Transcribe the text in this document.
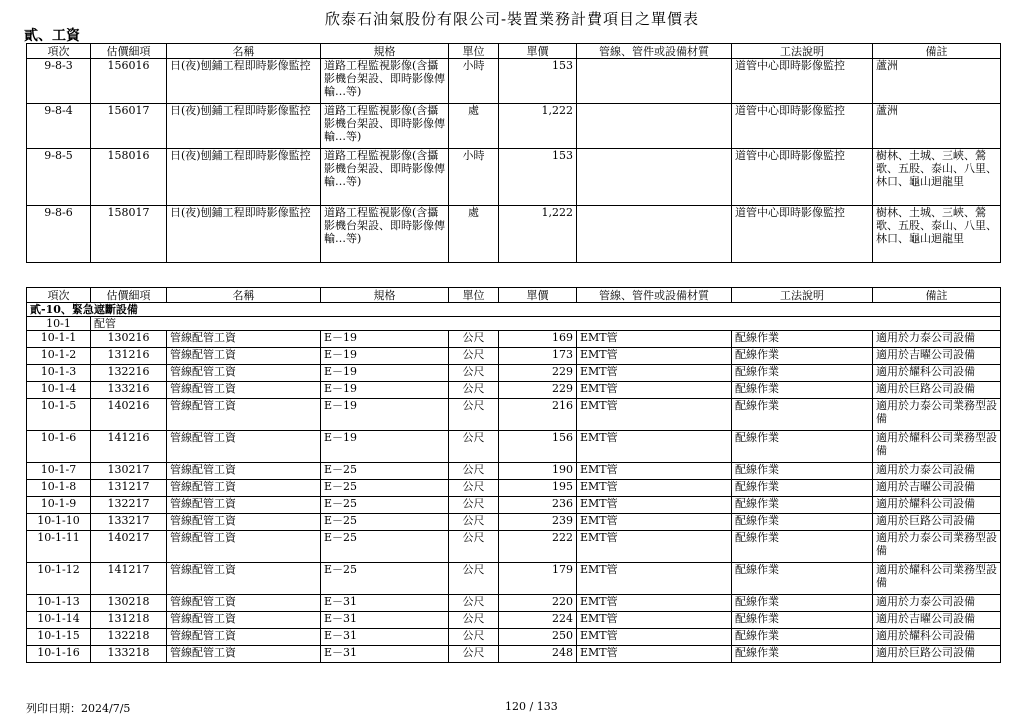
欣泰石油氣股份有限公司-裝置業務計費項目之單價表
貳、工資
項次	估價細項	名稱	規格	單位	單價	管線、管件或設備材質	工法說明	備註
9-8-3	156016	日(夜)刨鋪工程即時影像監控	道路工程監視影像(含攝影機台架設、即時影像傳輸…等)	小時	153		道管中心即時影像監控	蘆洲
9-8-4	156017	日(夜)刨鋪工程即時影像監控	道路工程監視影像(含攝影機台架設、即時影像傳輸…等)	處	1,222		道管中心即時影像監控	蘆洲
9-8-5	158016	日(夜)刨鋪工程即時影像監控	道路工程監視影像(含攝影機台架設、即時影像傳輸…等)	小時	153		道管中心即時影像監控	樹林、土城、三峽、鶯歌、五股、泰山、八里、林口、龜山迴龍里
9-8-6	158017	日(夜)刨鋪工程即時影像監控	道路工程監視影像(含攝影機台架設、即時影像傳輸…等)	處	1,222		道管中心即時影像監控	樹林、土城、三峽、鶯歌、五股、泰山、八里、林口、龜山迴龍里
項次	估價細項	名稱	規格	單位	單價	管線、管件或設備材質	工法說明	備註
貳-10、緊急遮斷設備								
10-1	配管							
10-1-1	130216	管線配管工資	E－19	公尺	169	EMT管	配線作業	適用於力泰公司設備
10-1-2	131216	管線配管工資	E－19	公尺	173	EMT管	配線作業	適用於吉曜公司設備
10-1-3	132216	管線配管工資	E－19	公尺	229	EMT管	配線作業	適用於耀科公司設備
10-1-4	133216	管線配管工資	E－19	公尺	229	EMT管	配線作業	適用於巨路公司設備
10-1-5	140216	管線配管工資	E－19	公尺	216	EMT管	配線作業	適用於力泰公司業務型設備
10-1-6	141216	管線配管工資	E－19	公尺	156	EMT管	配線作業	適用於耀科公司業務型設備
10-1-7	130217	管線配管工資	E－25	公尺	190	EMT管	配線作業	適用於力泰公司設備
10-1-8	131217	管線配管工資	E－25	公尺	195	EMT管	配線作業	適用於吉曜公司設備
10-1-9	132217	管線配管工資	E－25	公尺	236	EMT管	配線作業	適用於耀科公司設備
10-1-10	133217	管線配管工資	E－25	公尺	239	EMT管	配線作業	適用於巨路公司設備
10-1-11	140217	管線配管工資	E－25	公尺	222	EMT管	配線作業	適用於力泰公司業務型設備
10-1-12	141217	管線配管工資	E－25	公尺	179	EMT管	配線作業	適用於耀科公司業務型設備
10-1-13	130218	管線配管工資	E－31	公尺	220	EMT管	配線作業	適用於力泰公司設備
10-1-14	131218	管線配管工資	E－31	公尺	224	EMT管	配線作業	適用於吉曜公司設備
10-1-15	132218	管線配管工資	E－31	公尺	250	EMT管	配線作業	適用於耀科公司設備
10-1-16	133218	管線配管工資	E－31	公尺	248	EMT管	配線作業	適用於巨路公司設備
列印日期：2024/7/5	120 / 133
